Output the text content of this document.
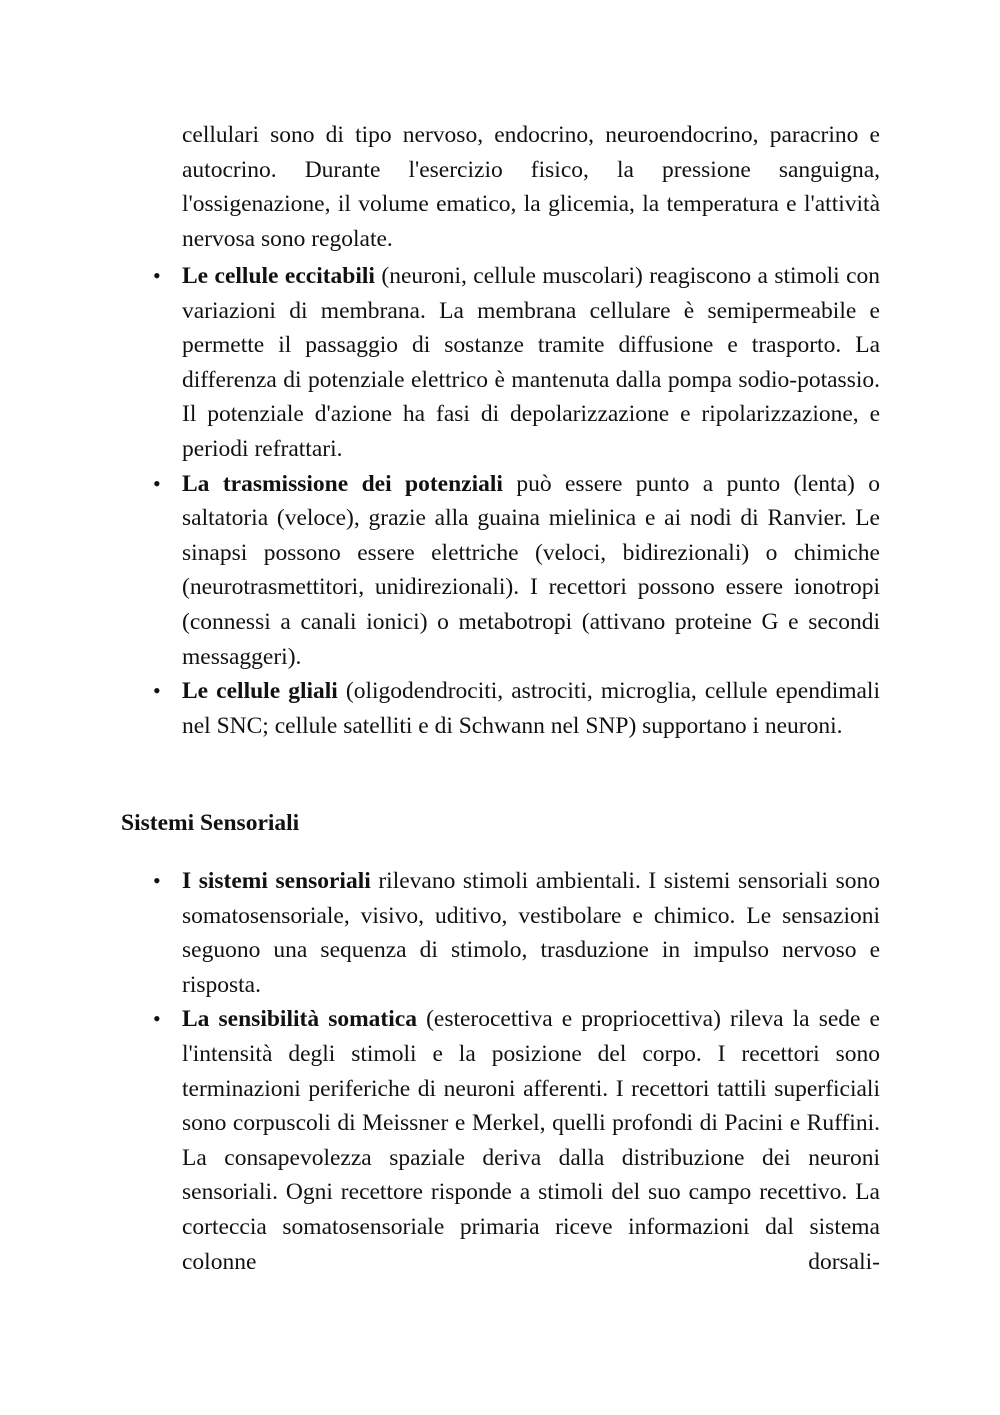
cellulari sono di tipo nervoso, endocrino, neuroendocrino, paracrino e autocrino. Durante l'esercizio fisico, la pressione sanguigna, l'ossigenazione, il volume ematico, la glicemia, la temperatura e l'attività nervosa sono regolate.

• Le cellule eccitabili (neuroni, cellule muscolari) reagiscono a stimoli con variazioni di membrana. La membrana cellulare è semipermeabile e permette il passaggio di sostanze tramite diffusione e trasporto. La differenza di potenziale elettrico è mantenuta dalla pompa sodio-potassio. Il potenziale d'azione ha fasi di depolarizzazione e ripolarizzazione, e periodi refrattari.

• La trasmissione dei potenziali può essere punto a punto (lenta) o saltatoria (veloce), grazie alla guaina mielinica e ai nodi di Ranvier. Le sinapsi possono essere elettriche (veloci, bidirezionali) o chimiche (neurotrasmettitori, unidirezionali). I recettori possono essere ionotropi (connessi a canali ionici) o metabotropi (attivano proteine G e secondi messaggeri).

• Le cellule gliali (oligodendrociti, astrociti, microglia, cellule ependimali nel SNC; cellule satelliti e di Schwann nel SNP) supportano i neuroni.

Sistemi Sensoriali
• I sistemi sensoriali rilevano stimoli ambientali. I sistemi sensoriali sono somatosensoriale, visivo, uditivo, vestibolare e chimico. Le sensazioni seguono una sequenza di stimolo, trasduzione in impulso nervoso e risposta.

• La sensibilità somatica (esterocettiva e propriocettiva) rileva la sede e l'intensità degli stimoli e la posizione del corpo. I recettori sono terminazioni periferiche di neuroni afferenti. I recettori tattili superficiali sono corpuscoli di Meissner e Merkel, quelli profondi di Pacini e Ruffini. La consapevolezza spaziale deriva dalla distribuzione dei neuroni sensoriali. Ogni recettore risponde a stimoli del suo campo recettivo. La corteccia somatosensoriale primaria riceve informazioni dal sistema colonne dorsali-
